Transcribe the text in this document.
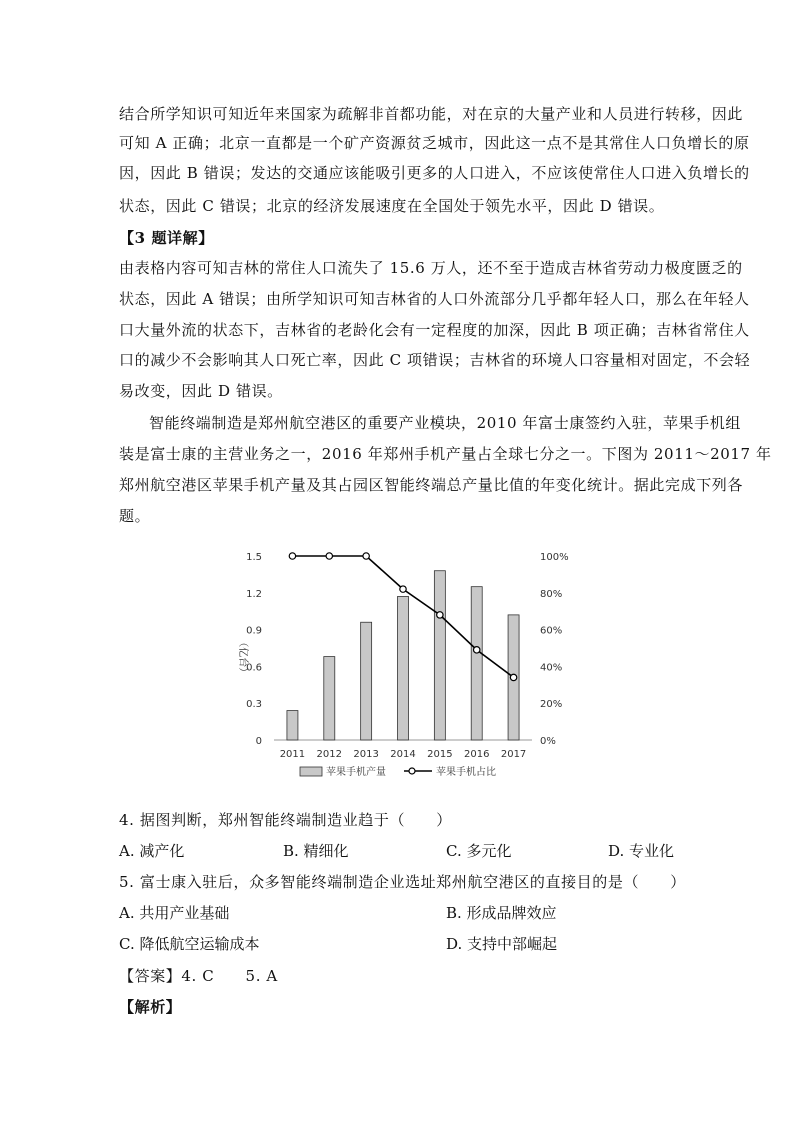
结合所学知识可知近年来国家为疏解非首都功能，对在京的大量产业和人员进行转移，因此
可知 A 正确；北京一直都是一个矿产资源贫乏城市，因此这一点不是其常住人口负增长的原
因，因此 B 错误；发达的交通应该能吸引更多的人口进入，不应该使常住人口进入负增长的
状态，因此 C 错误；北京的经济发展速度在全国处于领先水平，因此 D 错误。
【3 题详解】
由表格内容可知吉林的常住人口流失了 15.6 万人，还不至于造成吉林省劳动力极度匮乏的
状态，因此 A 错误；由所学知识可知吉林省的人口外流部分几乎都年轻人口，那么在年轻人
口大量外流的状态下，吉林省的老龄化会有一定程度的加深，因此 B 项正确；吉林省常住人
口的减少不会影响其人口死亡率，因此 C 项错误；吉林省的环境人口容量相对固定，不会轻
易改变，因此 D 错误。
智能终端制造是郑州航空港区的重要产业模块，2010 年富士康签约入驻，苹果手机组
装是富士康的主营业务之一，2016 年郑州手机产量占全球七分之一。下图为 2011～2017 年
郑州航空港区苹果手机产量及其占园区智能终端总产量比值的年变化统计。据此完成下列各
题。
0
0.3
0.6
0.9
1.2
1.5
0%
20%
40%
60%
80%
100%
（亿台）
2011 2012 2013 2014 2015 2016 2017
苹果手机产量	苹果手机占比
4. 据图判断，郑州智能终端制造业趋于（　　）
A. 减产化	B. 精细化	C. 多元化	D. 专业化
5. 富士康入驻后，众多智能终端制造企业选址郑州航空港区的直接目的是（　　）
A. 共用产业基础	B. 形成品牌效应
C. 降低航空运输成本	D. 支持中部崛起
【答案】4. C　　5. A
【解析】
